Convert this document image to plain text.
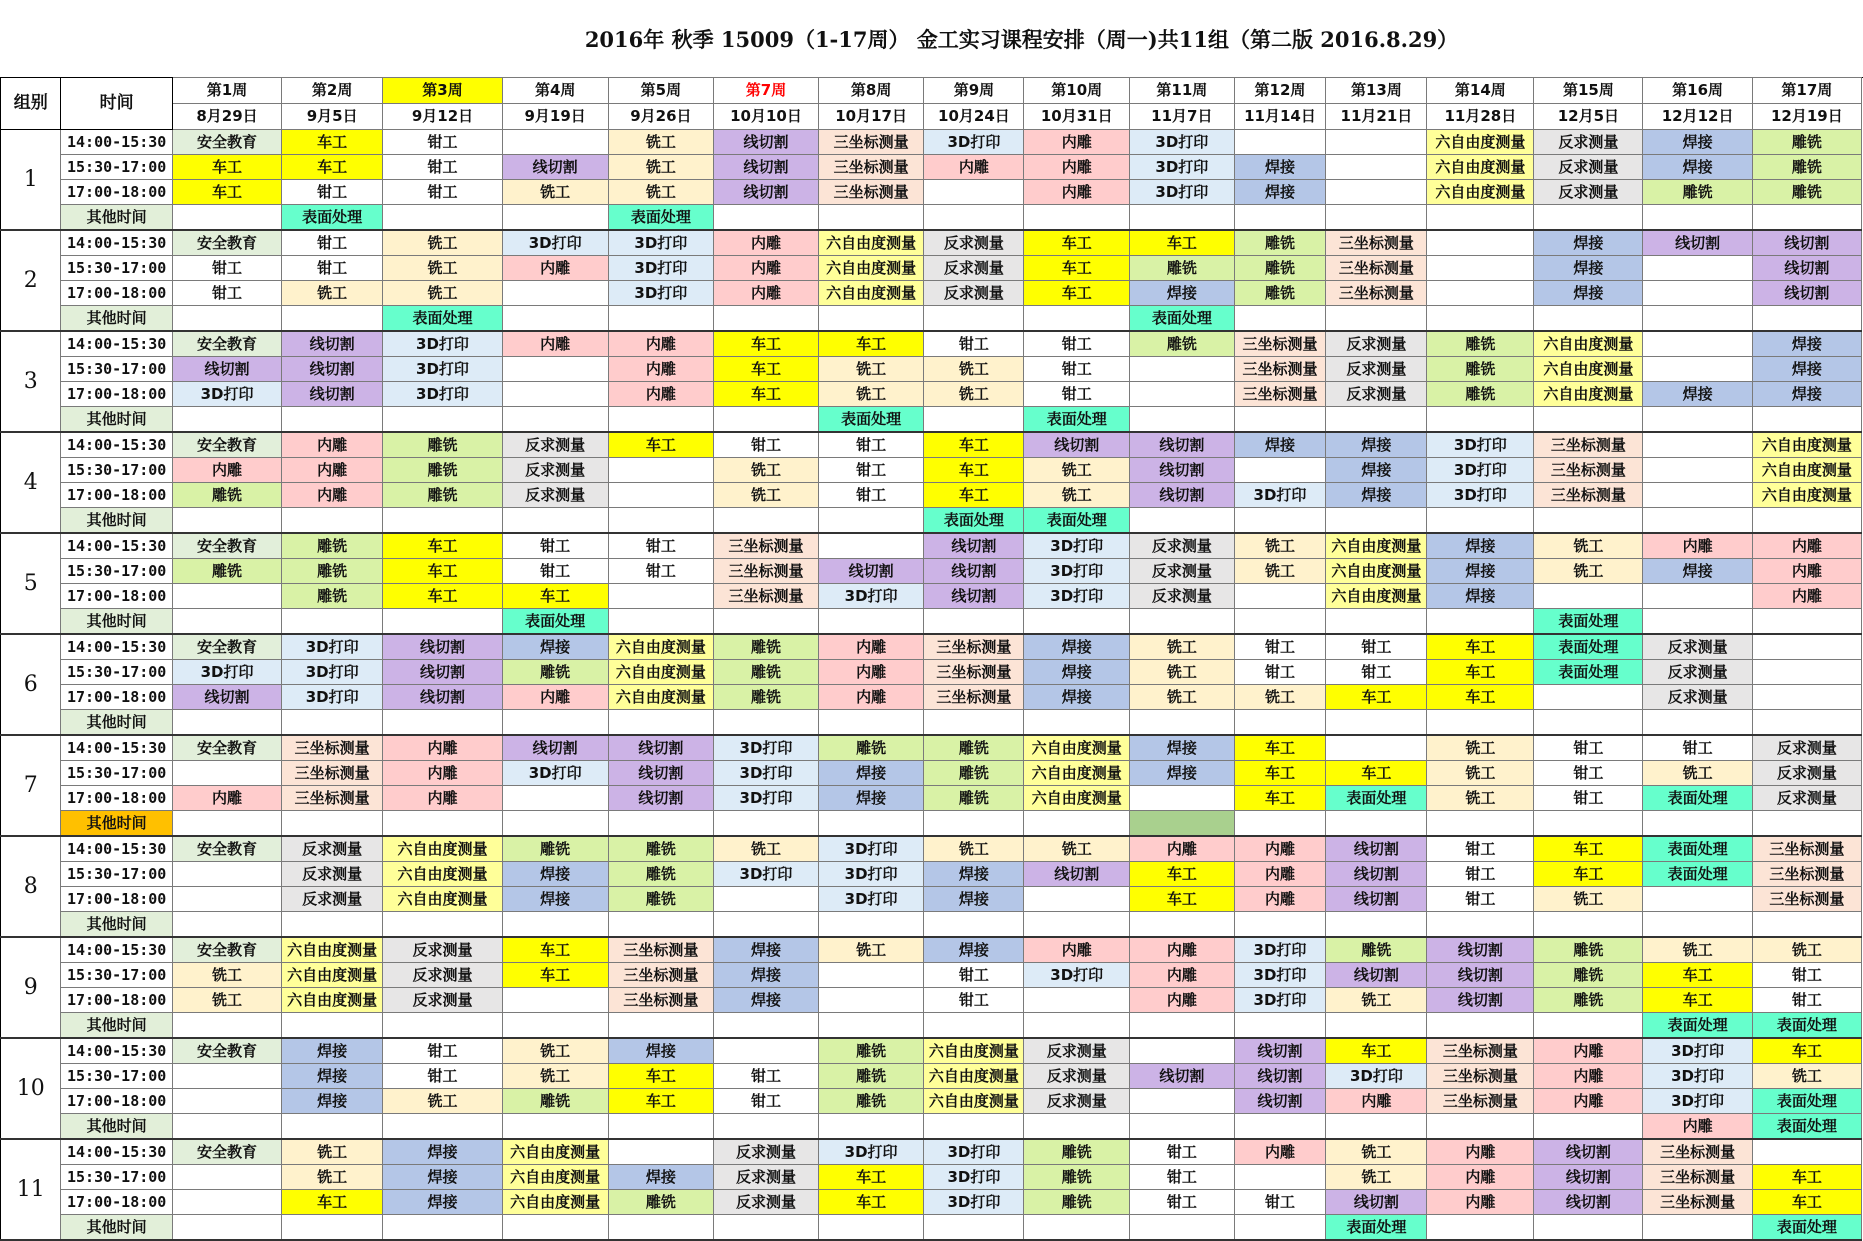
2016年 秋季 15009（1-17周） 金工实习课程安排（周一)共11组（第二版 2016.8.29）
组别	时间	第1周	第2周	第3周	第4周	第5周	第7周	第8周	第9周	第10周	第11周	第12周	第13周	第14周	第15周	第16周	第17周
		8月29日	9月5日	9月12日	9月19日	9月26日	10月10日	10月17日	10月24日	10月31日	11月7日	11月14日	11月21日	11月28日	12月5日	12月12日	12月19日
1	14:00-15:30	安全教育	车工	钳工		铣工	线切割	三坐标测量	3D打印	内雕	3D打印			六自由度测量	反求测量	焊接	雕铣
	15:30-17:00	车工	车工	钳工	线切割	铣工	线切割	三坐标测量	内雕	内雕	3D打印	焊接		六自由度测量	反求测量	焊接	雕铣
	17:00-18:00	车工	钳工	钳工	铣工	铣工	线切割	三坐标测量		内雕	3D打印	焊接		六自由度测量	反求测量	雕铣	雕铣
	其他时间		表面处理			表面处理											
2	14:00-15:30	安全教育	钳工	铣工	3D打印	3D打印	内雕	六自由度测量	反求测量	车工	车工	雕铣	三坐标测量		焊接	线切割	线切割
	15:30-17:00	钳工	钳工	铣工	内雕	3D打印	内雕	六自由度测量	反求测量	车工	雕铣	雕铣	三坐标测量		焊接		线切割
	17:00-18:00	钳工	铣工	铣工		3D打印	内雕	六自由度测量	反求测量	车工	焊接	雕铣	三坐标测量		焊接		线切割
	其他时间			表面处理							表面处理						
3	14:00-15:30	安全教育	线切割	3D打印	内雕	内雕	车工	车工	钳工	钳工	雕铣	三坐标测量	反求测量	雕铣	六自由度测量		焊接
	15:30-17:00	线切割	线切割	3D打印		内雕	车工	铣工	铣工	钳工		三坐标测量	反求测量	雕铣	六自由度测量		焊接
	17:00-18:00	3D打印	线切割	3D打印		内雕	车工	铣工	铣工	钳工		三坐标测量	反求测量	雕铣	六自由度测量	焊接	焊接
	其他时间							表面处理		表面处理							
4	14:00-15:30	安全教育	内雕	雕铣	反求测量	车工	钳工	钳工	车工	线切割	线切割	焊接	焊接	3D打印	三坐标测量		六自由度测量
	15:30-17:00	内雕	内雕	雕铣	反求测量		铣工	钳工	车工	铣工	线切割		焊接	3D打印	三坐标测量		六自由度测量
	17:00-18:00	雕铣	内雕	雕铣	反求测量		铣工	钳工	车工	铣工	线切割	3D打印	焊接	3D打印	三坐标测量		六自由度测量
	其他时间								表面处理	表面处理							
5	14:00-15:30	安全教育	雕铣	车工	钳工	钳工	三坐标测量		线切割	3D打印	反求测量	铣工	六自由度测量	焊接	铣工	内雕	内雕
	15:30-17:00	雕铣	雕铣	车工	钳工	钳工	三坐标测量	线切割	线切割	3D打印	反求测量	铣工	六自由度测量	焊接	铣工	焊接	内雕
	17:00-18:00		雕铣	车工	车工		三坐标测量	3D打印	线切割	3D打印	反求测量		六自由度测量	焊接			内雕
	其他时间				表面处理										表面处理		
6	14:00-15:30	安全教育	3D打印	线切割	焊接	六自由度测量	雕铣	内雕	三坐标测量	焊接	铣工	钳工	钳工	车工	表面处理	反求测量	
	15:30-17:00	3D打印	3D打印	线切割	雕铣	六自由度测量	雕铣	内雕	三坐标测量	焊接	铣工	钳工	钳工	车工	表面处理	反求测量	
	17:00-18:00	线切割	3D打印	线切割	内雕	六自由度测量	雕铣	内雕	三坐标测量	焊接	铣工	铣工	车工	车工		反求测量	
	其他时间																
7	14:00-15:30	安全教育	三坐标测量	内雕	线切割	线切割	3D打印	雕铣	雕铣	六自由度测量	焊接	车工		铣工	钳工	钳工	反求测量
	15:30-17:00		三坐标测量	内雕	3D打印	线切割	3D打印	焊接	雕铣	六自由度测量	焊接	车工	车工	铣工	钳工	铣工	反求测量
	17:00-18:00	内雕	三坐标测量	内雕		线切割	3D打印	焊接	雕铣	六自由度测量		车工	表面处理	铣工	钳工	表面处理	反求测量
	其他时间																
8	14:00-15:30	安全教育	反求测量	六自由度测量	雕铣	雕铣	铣工	3D打印	铣工	铣工	内雕	内雕	线切割	钳工	车工	表面处理	三坐标测量
	15:30-17:00		反求测量	六自由度测量	焊接	雕铣	3D打印	3D打印	焊接	线切割	车工	内雕	线切割	钳工	车工	表面处理	三坐标测量
	17:00-18:00		反求测量	六自由度测量	焊接	雕铣		3D打印	焊接		车工	内雕	线切割	钳工	铣工		三坐标测量
	其他时间																
9	14:00-15:30	安全教育	六自由度测量	反求测量	车工	三坐标测量	焊接	铣工	焊接	内雕	内雕	3D打印	雕铣	线切割	雕铣	铣工	铣工
	15:30-17:00	铣工	六自由度测量	反求测量	车工	三坐标测量	焊接		钳工	3D打印	内雕	3D打印	线切割	线切割	雕铣	车工	钳工
	17:00-18:00	铣工	六自由度测量	反求测量		三坐标测量	焊接		钳工		内雕	3D打印	铣工	线切割	雕铣	车工	钳工
	其他时间															表面处理	表面处理
10	14:00-15:30	安全教育	焊接	钳工	铣工	焊接		雕铣	六自由度测量	反求测量		线切割	车工	三坐标测量	内雕	3D打印	车工
	15:30-17:00		焊接	钳工	铣工	车工	钳工	雕铣	六自由度测量	反求测量	线切割	线切割	3D打印	三坐标测量	内雕	3D打印	铣工
	17:00-18:00		焊接	铣工	雕铣	车工	钳工	雕铣	六自由度测量	反求测量		线切割	内雕	三坐标测量	内雕	3D打印	表面处理
	其他时间															内雕	表面处理
11	14:00-15:30	安全教育	铣工	焊接	六自由度测量		反求测量	3D打印	3D打印	雕铣	钳工	内雕	铣工	内雕	线切割	三坐标测量	
	15:30-17:00		铣工	焊接	六自由度测量	焊接	反求测量	车工	3D打印	雕铣	钳工		铣工	内雕	线切割	三坐标测量	车工
	17:00-18:00		车工	焊接	六自由度测量	雕铣	反求测量	车工	3D打印	雕铣	钳工	钳工	线切割	内雕	线切割	三坐标测量	车工
	其他时间												表面处理				表面处理
